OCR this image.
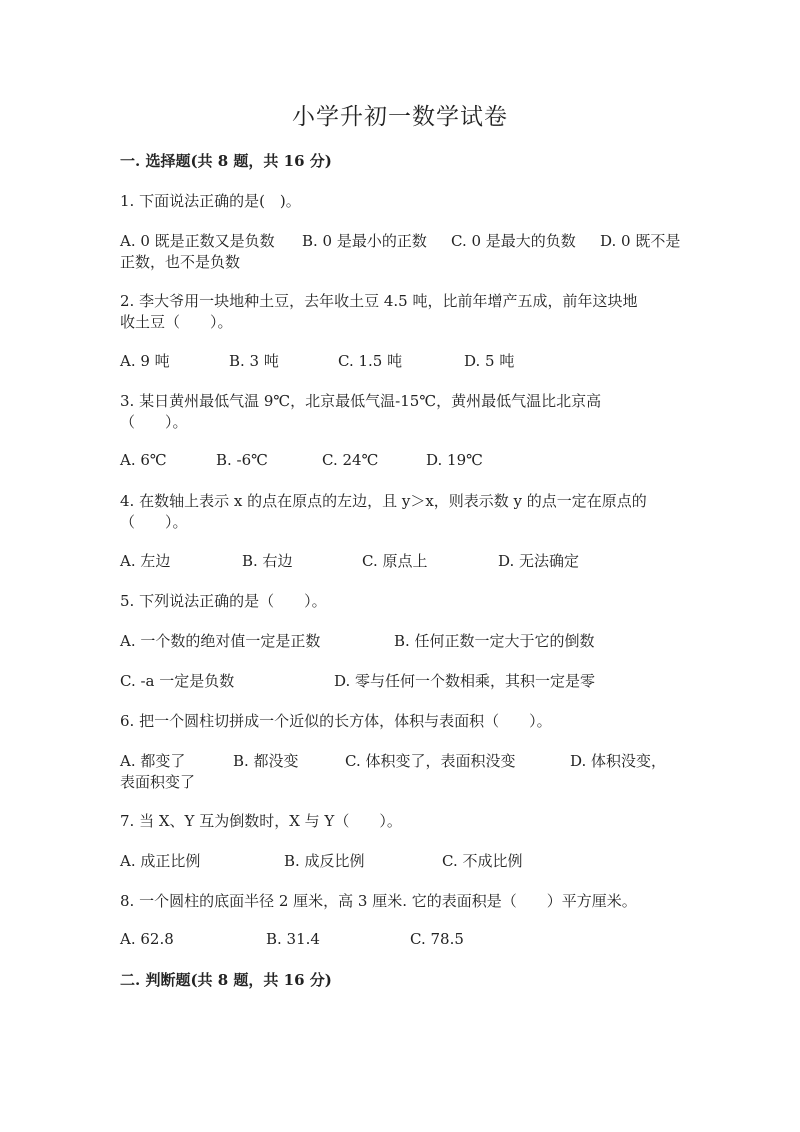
小学升初一数学试卷
一. 选择题(共 8 题，共 16 分)
1. 下面说法正确的是(　)。
A. 0 既是正数又是负数 B. 0 是最小的正数 C. 0 是最大的负数 D. 0 既不是
正数，也不是负数
2. 李大爷用一块地种土豆，去年收土豆 4.5 吨，比前年增产五成，前年这块地
收土豆（　　）。
A. 9 吨	B. 3 吨	C. 1.5 吨	D. 5 吨
3. 某日黄州最低气温 9℃，北京最低气温-15℃，黄州最低气温比北京高
（　　）。
A. 6℃	B. -6℃	C. 24℃	D. 19℃
4. 在数轴上表示 x 的点在原点的左边，且 y＞x，则表示数 y 的点一定在原点的
（　　）。
A. 左边	B. 右边	C. 原点上	D. 无法确定
5. 下列说法正确的是（　　）。
A. 一个数的绝对值一定是正数	B. 任何正数一定大于它的倒数
C. -a 一定是负数	D. 零与任何一个数相乘，其积一定是零
6. 把一个圆柱切拼成一个近似的长方体，体积与表面积（　　）。
A. 都变了	B. 都没变	C. 体积变了，表面积没变	D. 体积没变，
表面积变了
7. 当 X、Y 互为倒数时，X 与 Y（　　）。
A. 成正比例	B. 成反比例	C. 不成比例
8. 一个圆柱的底面半径 2 厘米，高 3 厘米. 它的表面积是（　　）平方厘米。
A. 62.8	B. 31.4	C. 78.5
二. 判断题(共 8 题，共 16 分)
